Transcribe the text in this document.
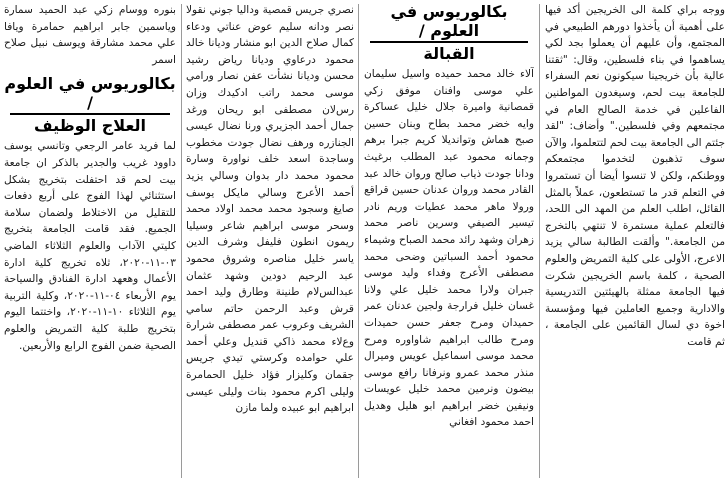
ووجه براي كلمة الى الخريجين أكد فيها على أهمية أن يأخذوا دورهم الطبيعي في المجتمع، وأن عليهم أن يعملوا بجد لكي يساهموا في بناء فلسطين، وقال: "ثقتنا عالية بأن خريجينا سيكونون نعم السفراء للجامعة بيت لحم، وسيغدون المواطنين الفاعلين في خدمة الصالح العام في مجتمعهم وفي فلسطين." وأضاف: "لقد جئتم الى الجامعة بيت لحم لتتعلموا، والآن سوف تذهبون لتخدموا مجتمعكم ووطنكم، ولكن لا تنسوا أيضا أن تستمروا في التعلم قدر ما تستطعون، عملاً بالمثل القائل، اطلب العلم من المهد الى اللحد، فالتعلم عملية مستمرة لا تنتهي بالتخرج من الجامعة." وألقت الطالبة سالي يزيد الاعرج، الأولى على كلية التمريض والعلوم الصحية ، كلمة باسم الخريجين شكرت فيها الجامعة ممثلة بالهيئتين التدريسية والادارية وجميع العاملين فيها ومؤسسة اخوة دي لسال القائمين على الجامعة ، ثم قامت

بكالوريوس في العلوم /
القبالة

آلاء خالد محمد حميده واسيل سليمان علي موسى وافنان موفق زكي قمصانية واميرة جلال خليل عساكرة وايه خضر محمد بطاح وبنان حسين صبح هماش وتوانديلا كريم جبرا برهم وجمانه محمود عبد المطلب برغيث ودانا جودت ذياب صالح وروان خالد عبد القادر محمد وروان عدنان حسين قراقع وروﻻ ماهر محمد عطيات وريم نادر تيسير الصيفي وسرين ناصر محمد زهران وشهد رائد محمد الصباح وشيماء محمود أحمد السباتين وضحى محمد مصطفى الأعرج وفداء وليد موسى جبران وﻻرا محمد خليل علي وﻻنا غسان خليل فرارجة ولجين عدنان عمر حميدان ومرح جعفر حسن حميدات ومرح طالب ابراهيم شاواوره ومرح محمد موسى اسماعيل عويس وميرال منذر محمد عمرو ونرفانا رافع موسى بيضون ونرمين محمد خليل عويسات ونيفين خضر ابراهيم ابو هليل وهديل احمد محمود افغاني

نصري جريس قمصية وداليا جوني نقوﻻ نصر ودانه سليم عوض عناتي ودعاء كمال صلاح الدين ابو منشار وديانا خالد محمود درعاوي وديانا رياض رشيد محسن وديانا نشأت عفن نصار ورامي موسى محمد راتب ادكيدك وزان رسﻻن مصطفى ابو ريحان ورغد جمال أحمد الجزيري ورنا نضال عيسى الجنازره ورهف نضال جودت مخطوب وساجدة اسعد خلف نواورة وسارة محمود محمد دار بدوان وسالي يزيد أحمد الأعرج وسالي مايكل يوسف صايغ وسجود محمد محمد اوﻻد محمد وسحر موسى ابراهيم شاعر وسيليا ريمون انطون فليفل وشرف الدين ياسر خليل مناصره وشروق محمود عبد الرحيم دودين وشهد عثمان عبدالسﻻم طنينة وطارق وليد احمد قرش وعبد الرحمن حاتم سامي الشريف وعروب عمر مصطفى شرارة وعﻻء محمد ذاكي قنديل وعلي أحمد علي حوامده وكرستي تيدي جريس جقمان وكليزار فؤاد خليل الحمامرة وليلى اكرم محمود بنات وليلى عيسى ابراهيم ابو عبيده ولما مازن

بنوره ووسام زكي عبد الحميد سمارة وياسمين جابر ابراهيم حمامرة ويافا علي محمد مشارقة ويوسف نبيل صلاح اسمر

بكالوريوس في العلوم /
العلاج الوظيف

لما فريد عامر الرجعي وتانسي يوسف داوود غريب والجدير بالذكر ان جامعة بيت لحم قد احتفلت بتخريج بشكل استثنائي لهذا الفوج على أربع دفعات للتقليل من الاختلاط ولضمان سلامة الجميع. فقد قامت الجامعة بتخريج كليتي الآداب والعلوم الثلاثاء الماضي ٠٣-١١-٢٠٢٠، ثلاه تخريج كلية ادارة الأعمال وهعهد ادارة الفنادق والسياحة يوم الأربعاء ٠٤-١١-٢٠٢٠، وكلية التربية يوم الثلاثاء ١٠-١١-٢٠٢٠، واختتما اليوم بتخريج طلبة كلية التمريض والعلوم الصحية ضمن الفوج الرابع والأربعين.
